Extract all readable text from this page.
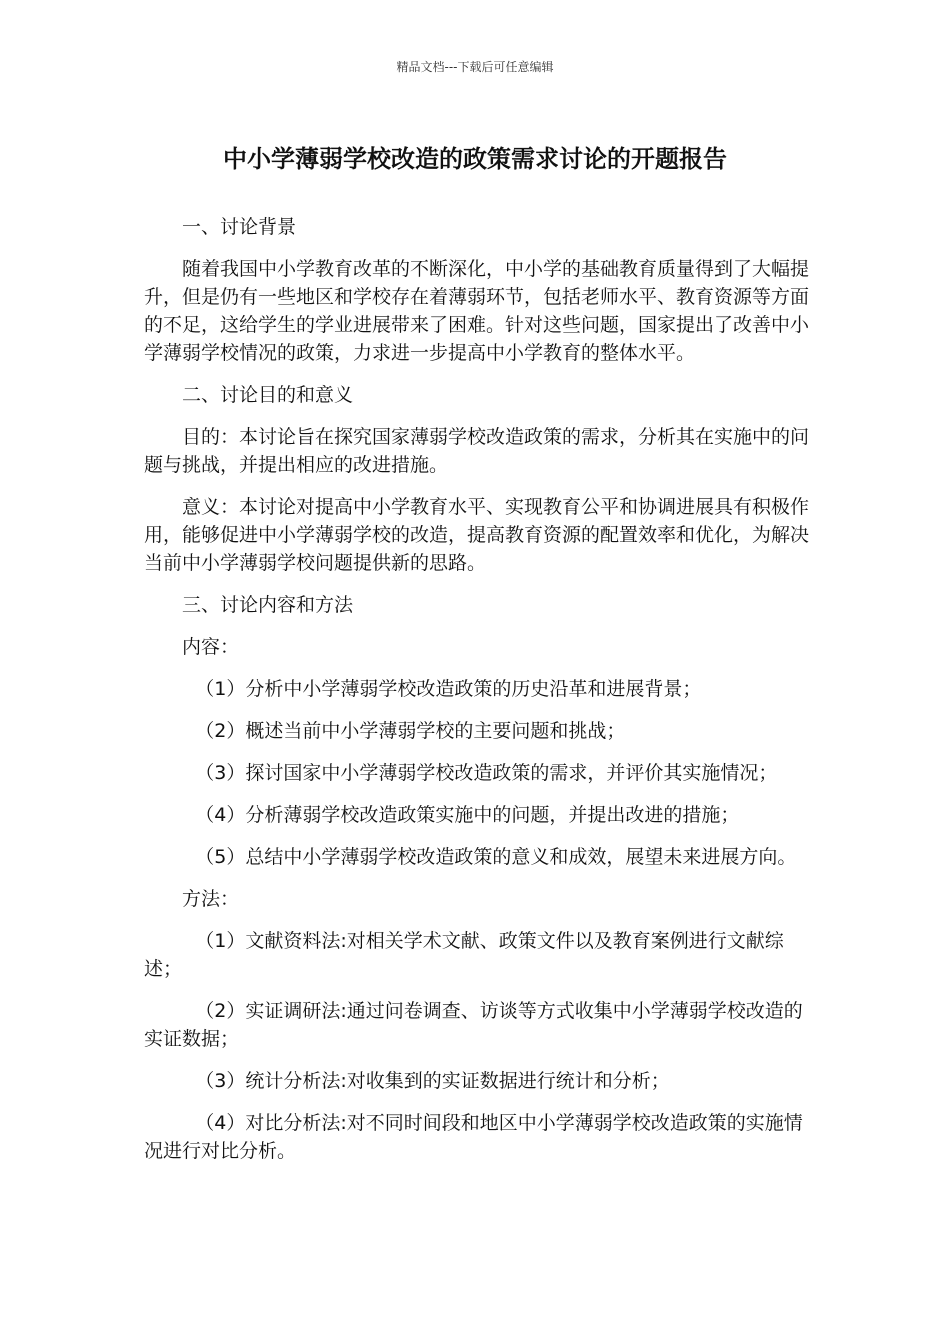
精品文档---下载后可任意编辑
中小学薄弱学校改造的政策需求讨论的开题报告

一、讨论背景

随着我国中小学教育改革的不断深化，中小学的基础教育质量得到了大幅提升，但是仍有一些地区和学校存在着薄弱环节，包括老师水平、教育资源等方面的不足，这给学生的学业进展带来了困难。针对这些问题，国家提出了改善中小学薄弱学校情况的政策，力求进一步提高中小学教育的整体水平。

二、讨论目的和意义

目的：本讨论旨在探究国家薄弱学校改造政策的需求，分析其在实施中的问题与挑战，并提出相应的改进措施。

意义：本讨论对提高中小学教育水平、实现教育公平和协调进展具有积极作用，能够促进中小学薄弱学校的改造，提高教育资源的配置效率和优化，为解决当前中小学薄弱学校问题提供新的思路。

三、讨论内容和方法

内容：

（1）分析中小学薄弱学校改造政策的历史沿革和进展背景；

（2）概述当前中小学薄弱学校的主要问题和挑战；

（3）探讨国家中小学薄弱学校改造政策的需求，并评价其实施情况；

（4）分析薄弱学校改造政策实施中的问题，并提出改进的措施；

（5）总结中小学薄弱学校改造政策的意义和成效，展望未来进展方向。

方法：

（1）文献资料法:对相关学术文献、政策文件以及教育案例进行文献综述；

（2）实证调研法:通过问卷调查、访谈等方式收集中小学薄弱学校改造的实证数据；

（3）统计分析法:对收集到的实证数据进行统计和分析；

（4）对比分析法:对不同时间段和地区中小学薄弱学校改造政策的实施情况进行对比分析。
